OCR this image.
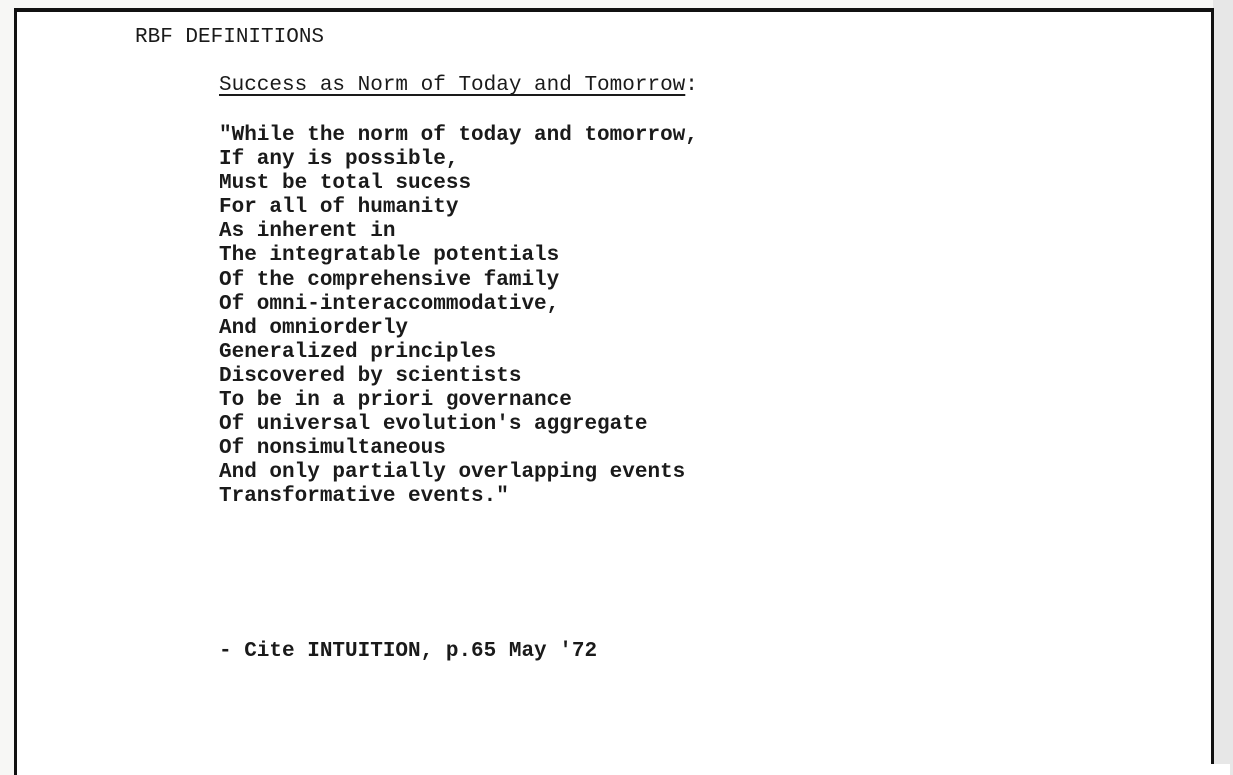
RBF DEFINITIONS
Success as Norm of Today and Tomorrow:
"While the norm of today and tomorrow,
If any is possible,
Must be total sucess
For all of humanity
As inherent in
The integratable potentials
Of the comprehensive family
Of omni-interaccommodative,
And omniorderly
Generalized principles
Discovered by scientists
To be in a priori governance
Of universal evolution's aggregate
Of nonsimultaneous
And only partially overlapping events
Transformative events."
- Cite INTUITION, p.65 May '72
